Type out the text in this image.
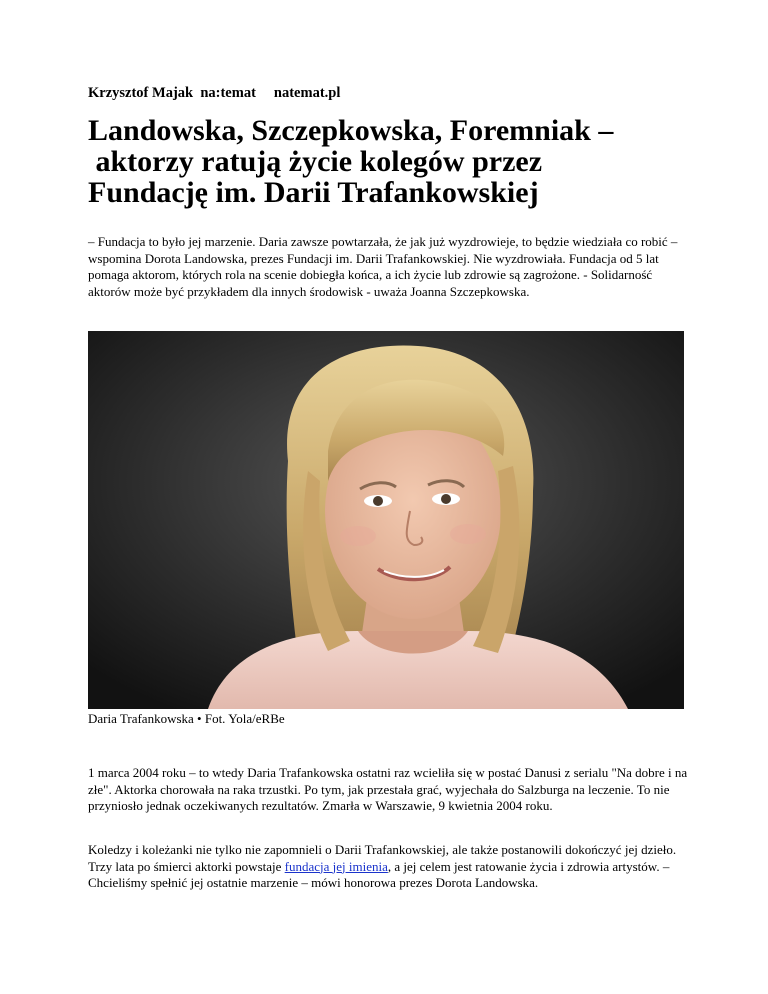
Krzysztof Majak  na:temat natemat.pl
Landowska, Szczepkowska, Foremniak –
aktorzy ratują życie kolegów przez
Fundację im. Darii Trafankowskiej

– Fundacja to było jej marzenie. Daria zawsze powtarzała, że jak już wyzdrowieje, to będzie wiedziała co robić – wspomina Dorota Landowska, prezes Fundacji im. Darii Trafankowskiej. Nie wyzdrowiała. Fundacja od 5 lat pomaga aktorom, których rola na scenie dobiegła końca, a ich życie lub zdrowie są zagrożone. - Solidarność aktorów może być przykładem dla innych środowisk - uważa Joanna Szczepkowska.

Daria Trafankowska • Fot. Yola/eRBe

1 marca 2004 roku – to wtedy Daria Trafankowska ostatni raz wcieliła się w postać Danusi z serialu "Na dobre i na złe". Aktorka chorowała na raka trzustki. Po tym, jak przestała grać, wyjechała do Salzburga na leczenie. To nie przyniosło jednak oczekiwanych rezultatów. Zmarła w Warszawie, 9 kwietnia 2004 roku.

Koledzy i koleżanki nie tylko nie zapomnieli o Darii Trafankowskiej, ale także postanowili dokończyć jej dzieło. Trzy lata po śmierci aktorki powstaje fundacja jej imienia, a jej celem jest ratowanie życia i zdrowia artystów. – Chcieliśmy spełnić jej ostatnie marzenie – mówi honorowa prezes Dorota Landowska.
